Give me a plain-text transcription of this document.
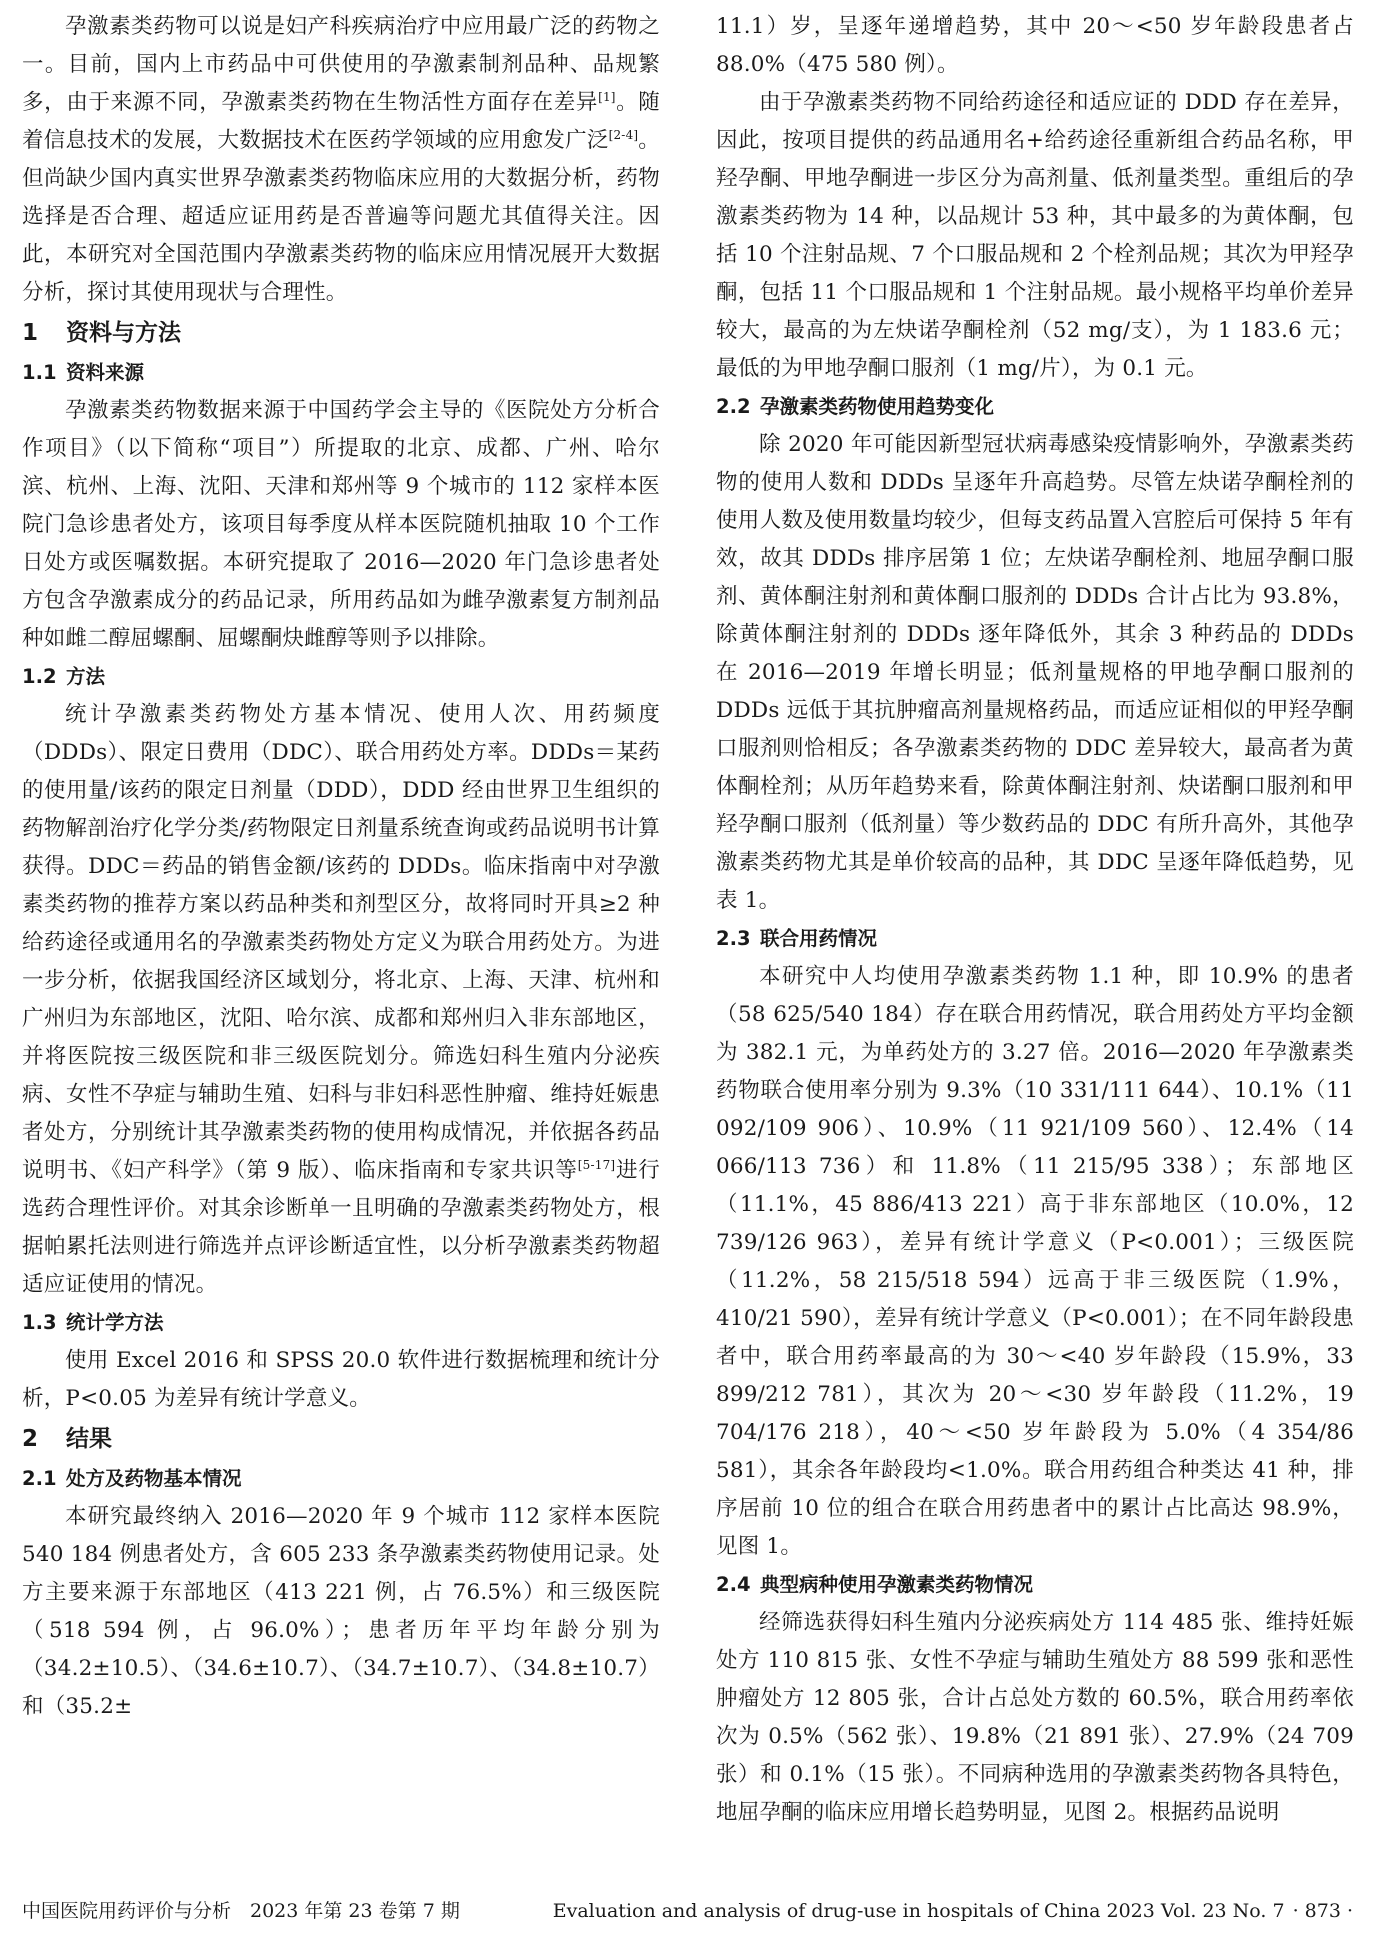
孕激素类药物可以说是妇产科疾病治疗中应用最广泛的药物之一。目前，国内上市药品中可供使用的孕激素制剂品种、品规繁多，由于来源不同，孕激素类药物在生物活性方面存在差异[1]。随着信息技术的发展，大数据技术在医药学领域的应用愈发广泛[2-4]。但尚缺少国内真实世界孕激素类药物临床应用的大数据分析，药物选择是否合理、超适应证用药是否普遍等问题尤其值得关注。因此，本研究对全国范围内孕激素类药物的临床应用情况展开大数据分析，探讨其使用现状与合理性。

1 资料与方法
1.1 资料来源

孕激素类药物数据来源于中国药学会主导的《医院处方分析合作项目》（以下简称“项目”）所提取的北京、成都、广州、哈尔滨、杭州、上海、沈阳、天津和郑州等 9 个城市的 112 家样本医院门急诊患者处方，该项目每季度从样本医院随机抽取 10 个工作日处方或医嘱数据。本研究提取了 2016—2020 年门急诊患者处方包含孕激素成分的药品记录，所用药品如为雌孕激素复方制剂品种如雌二醇屈螺酮、屈螺酮炔雌醇等则予以排除。

1.2 方法

统计孕激素类药物处方基本情况、使用人次、用药频度（DDDs）、限定日费用（DDC）、联合用药处方率。DDDs＝某药的使用量/该药的限定日剂量（DDD），DDD 经由世界卫生组织的药物解剖治疗化学分类/药物限定日剂量系统查询或药品说明书计算获得。DDC＝药品的销售金额/该药的 DDDs。临床指南中对孕激素类药物的推荐方案以药品种类和剂型区分，故将同时开具≥2 种给药途径或通用名的孕激素类药物处方定义为联合用药处方。为进一步分析，依据我国经济区域划分，将北京、上海、天津、杭州和广州归为东部地区，沈阳、哈尔滨、成都和郑州归入非东部地区，并将医院按三级医院和非三级医院划分。筛选妇科生殖内分泌疾病、女性不孕症与辅助生殖、妇科与非妇科恶性肿瘤、维持妊娠患者处方，分别统计其孕激素类药物的使用构成情况，并依据各药品说明书、《妇产科学》（第 9 版）、临床指南和专家共识等[5-17]进行选药合理性评价。对其余诊断单一且明确的孕激素类药物处方，根据帕累托法则进行筛选并点评诊断适宜性，以分析孕激素类药物超适应证使用的情况。

1.3 统计学方法

使用 Excel 2016 和 SPSS 20.0 软件进行数据梳理和统计分析，P<0.05 为差异有统计学意义。

2 结果
2.1 处方及药物基本情况

本研究最终纳入 2016—2020 年 9 个城市 112 家样本医院 540 184 例患者处方，含 605 233 条孕激素类药物使用记录。处方主要来源于东部地区（413 221 例，占 76.5%）和三级医院（518 594 例，占 96.0%）；患者历年平均年龄分别为（34.2±10.5）、（34.6±10.7）、（34.7±10.7）、（34.8±10.7）和（35.2±

11.1）岁，呈逐年递增趋势，其中 20～<50 岁年龄段患者占 88.0%（475 580 例）。

由于孕激素类药物不同给药途径和适应证的 DDD 存在差异，因此，按项目提供的药品通用名+给药途径重新组合药品名称，甲羟孕酮、甲地孕酮进一步区分为高剂量、低剂量类型。重组后的孕激素类药物为 14 种，以品规计 53 种，其中最多的为黄体酮，包括 10 个注射品规、7 个口服品规和 2 个栓剂品规；其次为甲羟孕酮，包括 11 个口服品规和 1 个注射品规。最小规格平均单价差异较大，最高的为左炔诺孕酮栓剂（52 mg/支），为 1 183.6 元；最低的为甲地孕酮口服剂（1 mg/片），为 0.1 元。

2.2 孕激素类药物使用趋势变化

除 2020 年可能因新型冠状病毒感染疫情影响外，孕激素类药物的使用人数和 DDDs 呈逐年升高趋势。尽管左炔诺孕酮栓剂的使用人数及使用数量均较少，但每支药品置入宫腔后可保持 5 年有效，故其 DDDs 排序居第 1 位；左炔诺孕酮栓剂、地屈孕酮口服剂、黄体酮注射剂和黄体酮口服剂的 DDDs 合计占比为 93.8%，除黄体酮注射剂的 DDDs 逐年降低外，其余 3 种药品的 DDDs 在 2016—2019 年增长明显；低剂量规格的甲地孕酮口服剂的 DDDs 远低于其抗肿瘤高剂量规格药品，而适应证相似的甲羟孕酮口服剂则恰相反；各孕激素类药物的 DDC 差异较大，最高者为黄体酮栓剂；从历年趋势来看，除黄体酮注射剂、炔诺酮口服剂和甲羟孕酮口服剂（低剂量）等少数药品的 DDC 有所升高外，其他孕激素类药物尤其是单价较高的品种，其 DDC 呈逐年降低趋势，见表 1。

2.3 联合用药情况

本研究中人均使用孕激素类药物 1.1 种，即 10.9% 的患者（58 625/540 184）存在联合用药情况，联合用药处方平均金额为 382.1 元，为单药处方的 3.27 倍。2016—2020 年孕激素类药物联合使用率分别为 9.3%（10 331/111 644）、10.1%（11 092/109 906）、10.9%（11 921/109 560）、12.4%（14 066/113 736）和 11.8%（11 215/95 338）；东部地区（11.1%，45 886/413 221）高于非东部地区（10.0%，12 739/126 963），差异有统计学意义（P<0.001）；三级医院（11.2%，58 215/518 594）远高于非三级医院（1.9%，410/21 590），差异有统计学意义（P<0.001）；在不同年龄段患者中，联合用药率最高的为 30～<40 岁年龄段（15.9%，33 899/212 781），其次为 20～<30 岁年龄段（11.2%，19 704/176 218），40～<50 岁年龄段为 5.0%（4 354/86 581），其余各年龄段均<1.0%。联合用药组合种类达 41 种，排序居前 10 位的组合在联合用药患者中的累计占比高达 98.9%，见图 1。

2.4 典型病种使用孕激素类药物情况

经筛选获得妇科生殖内分泌疾病处方 114 485 张、维持妊娠处方 110 815 张、女性不孕症与辅助生殖处方 88 599 张和恶性肿瘤处方 12 805 张，合计占总处方数的 60.5%，联合用药率依次为 0.5%（562 张）、19.8%（21 891 张）、27.9%（24 709 张）和 0.1%（15 张）。不同病种选用的孕激素类药物各具特色，地屈孕酮的临床应用增长趋势明显，见图 2。根据药品说明

中国医院用药评价与分析　2023 年第 23 卷第 7 期	Evaluation and analysis of drug-use in hospitals of China 2023 Vol. 23 No. 7 · 873 ·
